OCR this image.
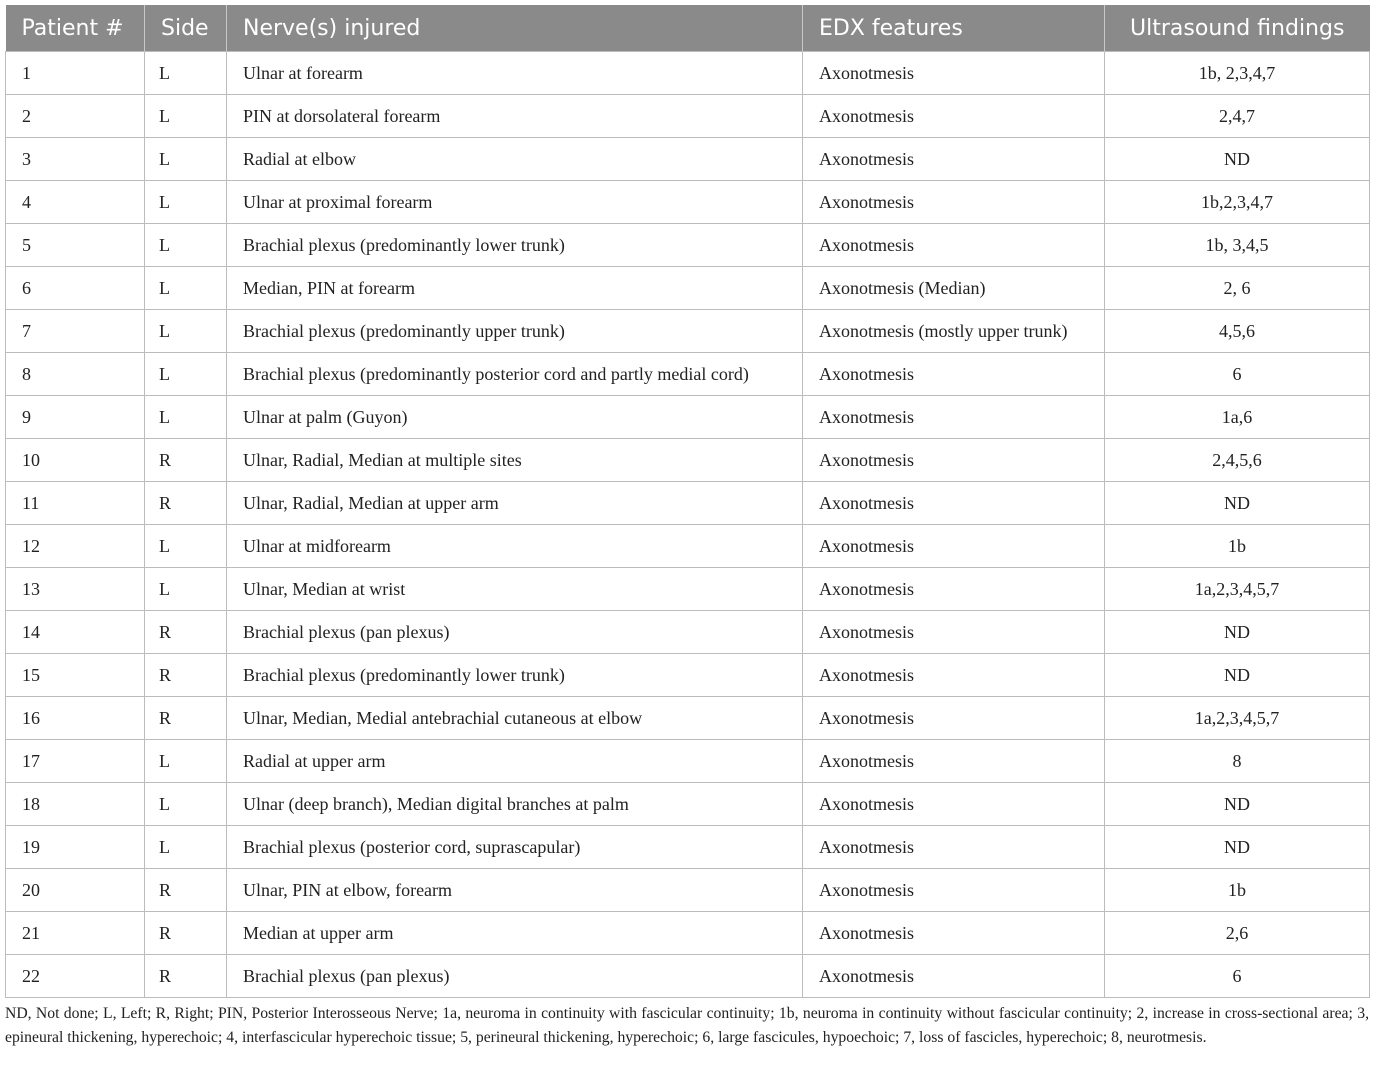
Patient #	Side	Nerve(s) injured	EDX features	Ultrasound findings
1	L	Ulnar at forearm	Axonotmesis	1b, 2,3,4,7
2	L	PIN at dorsolateral forearm	Axonotmesis	2,4,7
3	L	Radial at elbow	Axonotmesis	ND
4	L	Ulnar at proximal forearm	Axonotmesis	1b,2,3,4,7
5	L	Brachial plexus (predominantly lower trunk)	Axonotmesis	1b, 3,4,5
6	L	Median, PIN at forearm	Axonotmesis (Median)	2, 6
7	L	Brachial plexus (predominantly upper trunk)	Axonotmesis (mostly upper trunk)	4,5,6
8	L	Brachial plexus (predominantly posterior cord and partly medial cord)	Axonotmesis	6
9	L	Ulnar at palm (Guyon)	Axonotmesis	1a,6
10	R	Ulnar, Radial, Median at multiple sites	Axonotmesis	2,4,5,6
11	R	Ulnar, Radial, Median at upper arm	Axonotmesis	ND
12	L	Ulnar at midforearm	Axonotmesis	1b
13	L	Ulnar, Median at wrist	Axonotmesis	1a,2,3,4,5,7
14	R	Brachial plexus (pan plexus)	Axonotmesis	ND
15	R	Brachial plexus (predominantly lower trunk)	Axonotmesis	ND
16	R	Ulnar, Median, Medial antebrachial cutaneous at elbow	Axonotmesis	1a,2,3,4,5,7
17	L	Radial at upper arm	Axonotmesis	8
18	L	Ulnar (deep branch), Median digital branches at palm	Axonotmesis	ND
19	L	Brachial plexus (posterior cord, suprascapular)	Axonotmesis	ND
20	R	Ulnar, PIN at elbow, forearm	Axonotmesis	1b
21	R	Median at upper arm	Axonotmesis	2,6
22	R	Brachial plexus (pan plexus)	Axonotmesis	6
ND, Not done; L, Left; R, Right; PIN, Posterior Interosseous Nerve; 1a, neuroma in continuity with fascicular continuity; 1b, neuroma in continuity without fascicular continuity; 2, increase in cross-sectional area; 3, epineural thickening, hyperechoic; 4, interfascicular hyperechoic tissue; 5, perineural thickening, hyperechoic; 6, large fascicules, hypoechoic; 7, loss of fascicles, hyperechoic; 8, neurotmesis.
